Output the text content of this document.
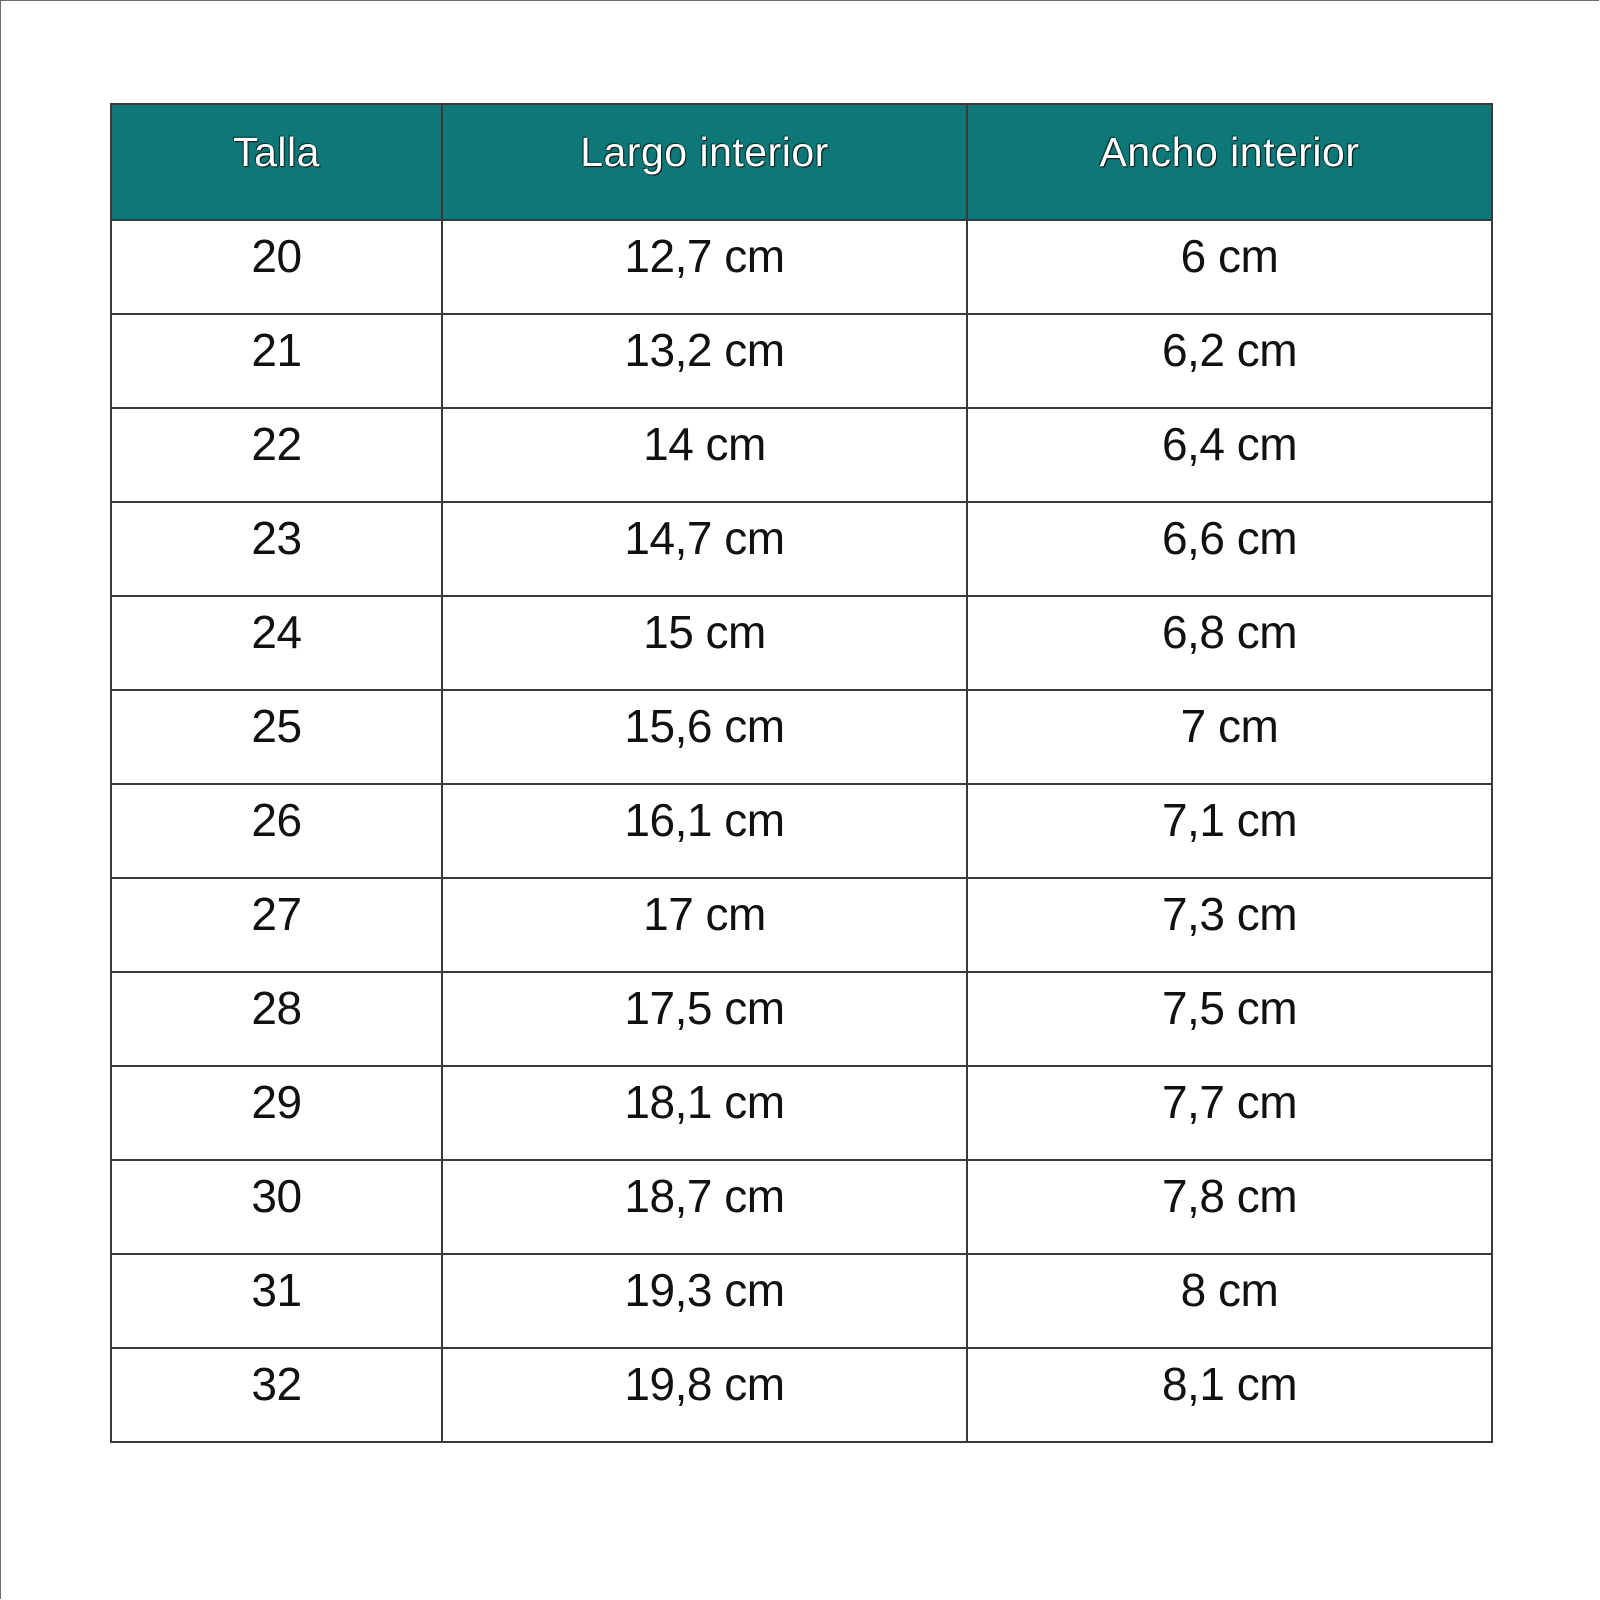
Talla	Largo interior	Ancho interior
20	12,7 cm	6 cm
21	13,2 cm	6,2 cm
22	14 cm	6,4 cm
23	14,7 cm	6,6 cm
24	15 cm	6,8 cm
25	15,6 cm	7 cm
26	16,1 cm	7,1 cm
27	17 cm	7,3 cm
28	17,5 cm	7,5 cm
29	18,1 cm	7,7 cm
30	18,7 cm	7,8 cm
31	19,3 cm	8 cm
32	19,8 cm	8,1 cm
